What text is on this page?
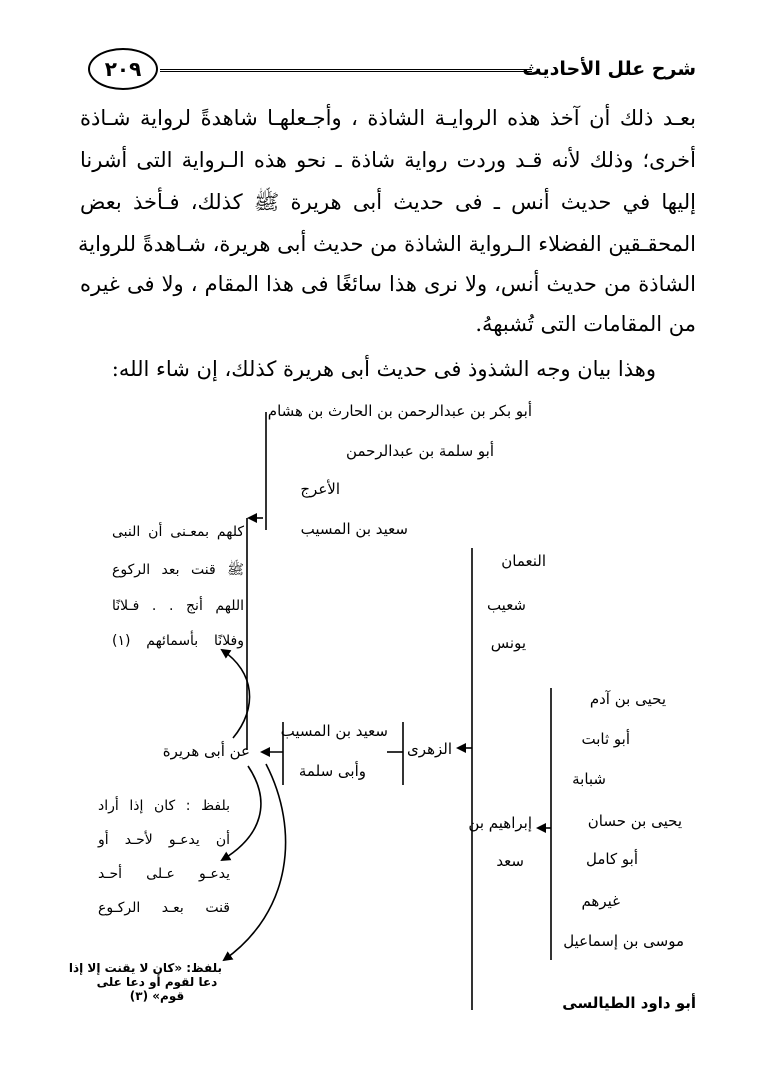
شرح علل الأحاديث
٢٠٩
بعـد ذلك أن آخذ هذه الروايـة الشاذة ، وأجـعلهـا شاهدةً لرواية شـاذة
أخرى؛ وذلك لأنه قـد وردت رواية شاذة ـ نحو هذه الـرواية التى أشرنا
إليها في حديث أنس ـ فى حديث أبى هريرة ﷺ كذلك، فـأخذ بعض
المحقـقين الفضلاء الـرواية الشاذة من حديث أبى هريرة، شـاهدةً للرواية
الشاذة من حديث أنس، ولا نرى هذا سائغًا فى هذا المقام ، ولا فى غيره
من المقامات التى تُشبههُ.
وهذا بيان وجه الشذوذ فى حديث أبى هريرة كذلك، إن شاء الله:
أبو بكر بن عبدالرحمن بن الحارث بن هشام
أبو سلمة بن عبدالرحمن
الأعرج
سعيد بن المسيب
كلهم بمعـنى أن النبى
ﷺ قنت بعد الركوع
اللهم أنج . . فـلانًا
وفلانًا بأسمائهم (١)
النعمان
شعيب
يونس
يحيى بن آدم
أبو ثابت
شبابة
يحيى بن حسان
أبو كامل
غيرهم
موسى بن إسماعيل
أبو داود الطيالسى
إبراهيم بن
سعد
الزهرى
سعيد بن المسيب
وأبى سلمة
عن أبى هريرة
بلفظ : كان إذا أراد
أن يدعـو لأحـد أو
يدعـو عـلى أحـد
قنت بعـد الركـوع
بلفظ: «كان لا يقنت إلا إذا
دعا لقوم أو دعا على
قوم» (٣)
